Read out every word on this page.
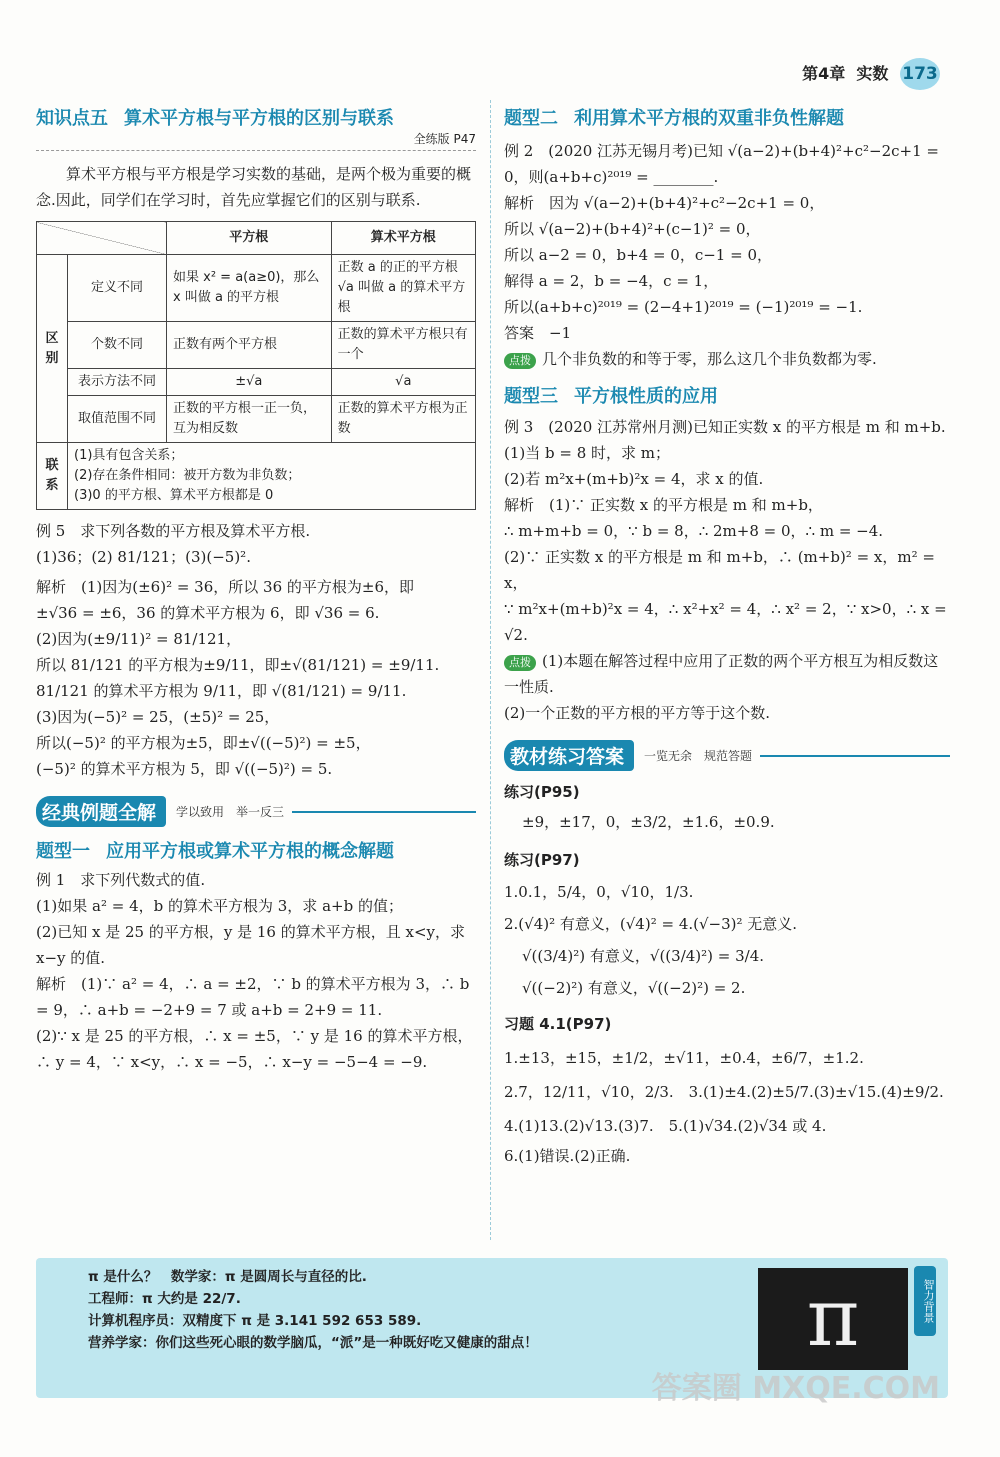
第4章 实数 173
知识点五 算术平方根与平方根的区别与联系
全练版 P47

算术平方根与平方根是学习实数的基础，是两个极为重要的概念.因此，同学们在学习时，首先应掌握它们的区别与联系.

		平方根	算术平方根
区别	定义不同	如果 x² = a(a≥0)，那么 x 叫做 a 的平方根	正数 a 的正的平方根√a 叫做 a 的算术平方根
	个数不同	正数有两个平方根	正数的算术平方根只有一个
	表示方法不同	±√a	√a
	取值范围不同	正数的平方根一正一负，互为相反数	正数的算术平方根为正数
联系	(1)具有包含关系；
(2)存在条件相同：被开方数为非负数；
(3)0 的平方根、算术平方根都是 0		

例 5　求下列各数的平方根及算术平方根.

(1)36；(2) 81/121；(3)(−5)².

解析　(1)因为(±6)² = 36，所以 36 的平方根为±6，即

±√36 = ±6，36 的算术平方根为 6，即 √36 = 6.

(2)因为(±9/11)² = 81/121，

所以 81/121 的平方根为±9/11，即±√(81/121) = ±9/11.

81/121 的算术平方根为 9/11，即 √(81/121) = 9/11.

(3)因为(−5)² = 25，(±5)² = 25，

所以(−5)² 的平方根为±5，即±√((−5)²) = ±5，

(−5)² 的算术平方根为 5，即 √((−5)²) = 5.

经典例题全解	学以致用　举一反三
题型一 应用平方根或算术平方根的概念解题

例 1　求下列代数式的值.

(1)如果 a² = 4，b 的算术平方根为 3，求 a+b 的值；

(2)已知 x 是 25 的平方根，y 是 16 的算术平方根，且 x<y，求 x−y 的值.

解析　(1)∵ a² = 4，∴ a = ±2，∵ b 的算术平方根为 3，∴ b = 9，∴ a+b = −2+9 = 7 或 a+b = 2+9 = 11.

(2)∵ x 是 25 的平方根，∴ x = ±5，∵ y 是 16 的算术平方根，∴ y = 4，∵ x<y，∴ x = −5，∴ x−y = −5−4 = −9.

题型二 利用算术平方根的双重非负性解题

例 2　(2020 江苏无锡月考)已知 √(a−2)+(b+4)²+c²−2c+1 = 0，则(a+b+c)²⁰¹⁹ = ________.

解析　因为 √(a−2)+(b+4)²+c²−2c+1 = 0，

所以 √(a−2)+(b+4)²+(c−1)² = 0，

所以 a−2 = 0，b+4 = 0，c−1 = 0，

解得 a = 2，b = −4，c = 1，

所以(a+b+c)²⁰¹⁹ = (2−4+1)²⁰¹⁹ = (−1)²⁰¹⁹ = −1.

答案　−1

点拨 几个非负数的和等于零，那么这几个非负数都为零.

题型三 平方根性质的应用

例 3　(2020 江苏常州月测)已知正实数 x 的平方根是 m 和 m+b.

(1)当 b = 8 时，求 m；

(2)若 m²x+(m+b)²x = 4，求 x 的值.

解析　(1)∵ 正实数 x 的平方根是 m 和 m+b，

∴ m+m+b = 0，∵ b = 8，∴ 2m+8 = 0，∴ m = −4.

(2)∵ 正实数 x 的平方根是 m 和 m+b，∴ (m+b)² = x，m² = x，

∵ m²x+(m+b)²x = 4，∴ x²+x² = 4，∴ x² = 2，∵ x>0，∴ x = √2.

点拨 (1)本题在解答过程中应用了正数的两个平方根互为相反数这一性质.

(2)一个正数的平方根的平方等于这个数.

教材练习答案	一览无余　规范答题

练习(P95)

±9，±17，0，±3/2，±1.6，±0.9.

练习(P97)

1.0.1，5/4，0，√10，1/3.

2.(√4)² 有意义，(√4)² = 4.(√−3)² 无意义.

√((3/4)²) 有意义，√((3/4)²) = 3/4.

√((−2)²) 有意义，√((−2)²) = 2.

习题 4.1(P97)

1.±13，±15，±1/2，±√11，±0.4，±6/7，±1.2.

2.7，12/11，√10，2/3.　3.(1)±4.(2)±5/7.(3)±√15.(4)±9/2.

4.(1)13.(2)√13.(3)7.　5.(1)√34.(2)√34 或 4.

6.(1)错误.(2)正确.

π 是什么？　数学家：π 是圆周长与直径的比.

工程师：π 大约是 22/7.

计算机程序员：双精度下 π 是 3.141 592 653 589.

营养学家：你们这些死心眼的数学脑瓜，“派”是一种既好吃又健康的甜点！	π	智力背景
答案圈 MXQE.COM
